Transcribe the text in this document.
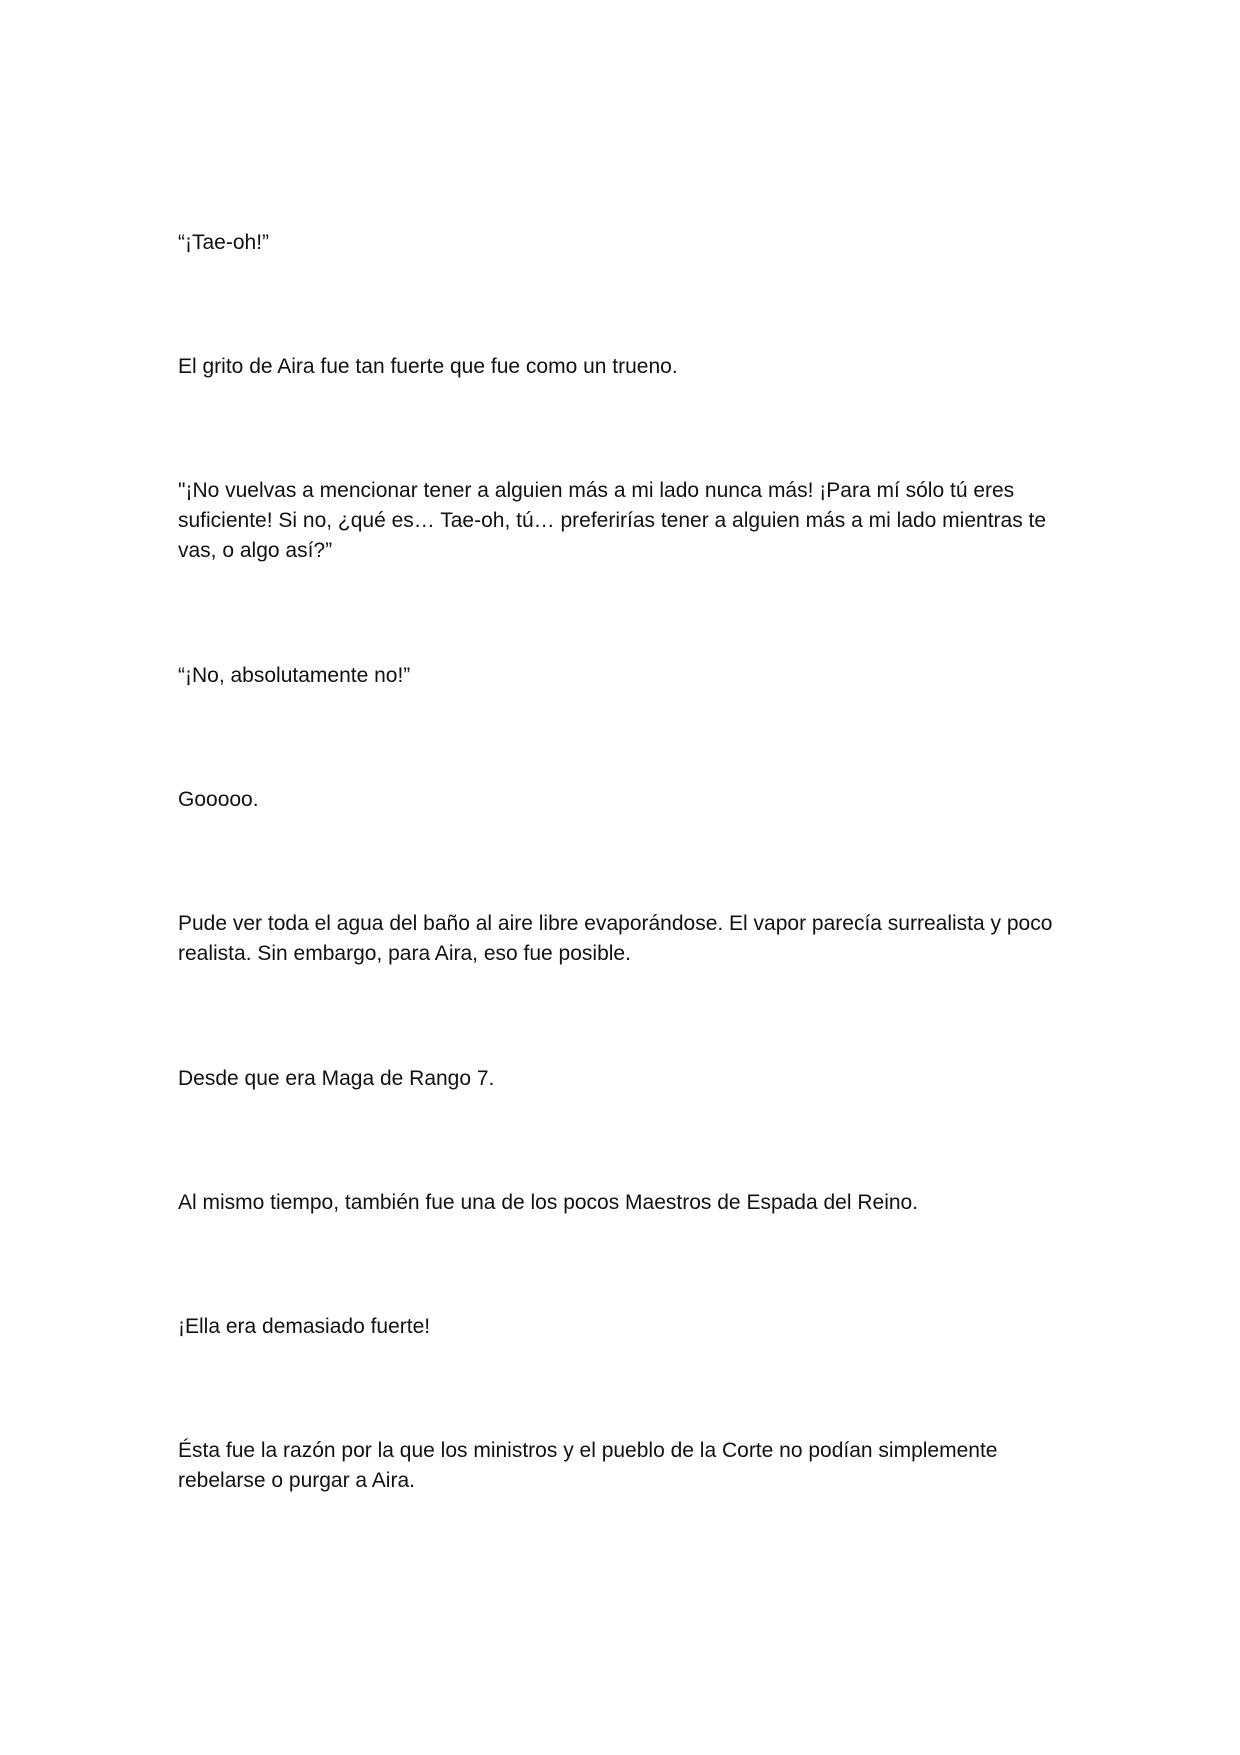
“¡Tae-oh!”

El grito de Aira fue tan fuerte que fue como un trueno.

"¡No vuelvas a mencionar tener a alguien más a mi lado nunca más! ¡Para mí sólo tú eres suficiente! Si no, ¿qué es… Tae-oh, tú… preferirías tener a alguien más a mi lado mientras te vas, o algo así?”

“¡No, absolutamente no!”

Gooooo.

Pude ver toda el agua del baño al aire libre evaporándose. El vapor parecía surrealista y poco realista. Sin embargo, para Aira, eso fue posible.

Desde que era Maga de Rango 7.

Al mismo tiempo, también fue una de los pocos Maestros de Espada del Reino.

¡Ella era demasiado fuerte!

Ésta fue la razón por la que los ministros y el pueblo de la Corte no podían simplemente rebelarse o purgar a Aira.
